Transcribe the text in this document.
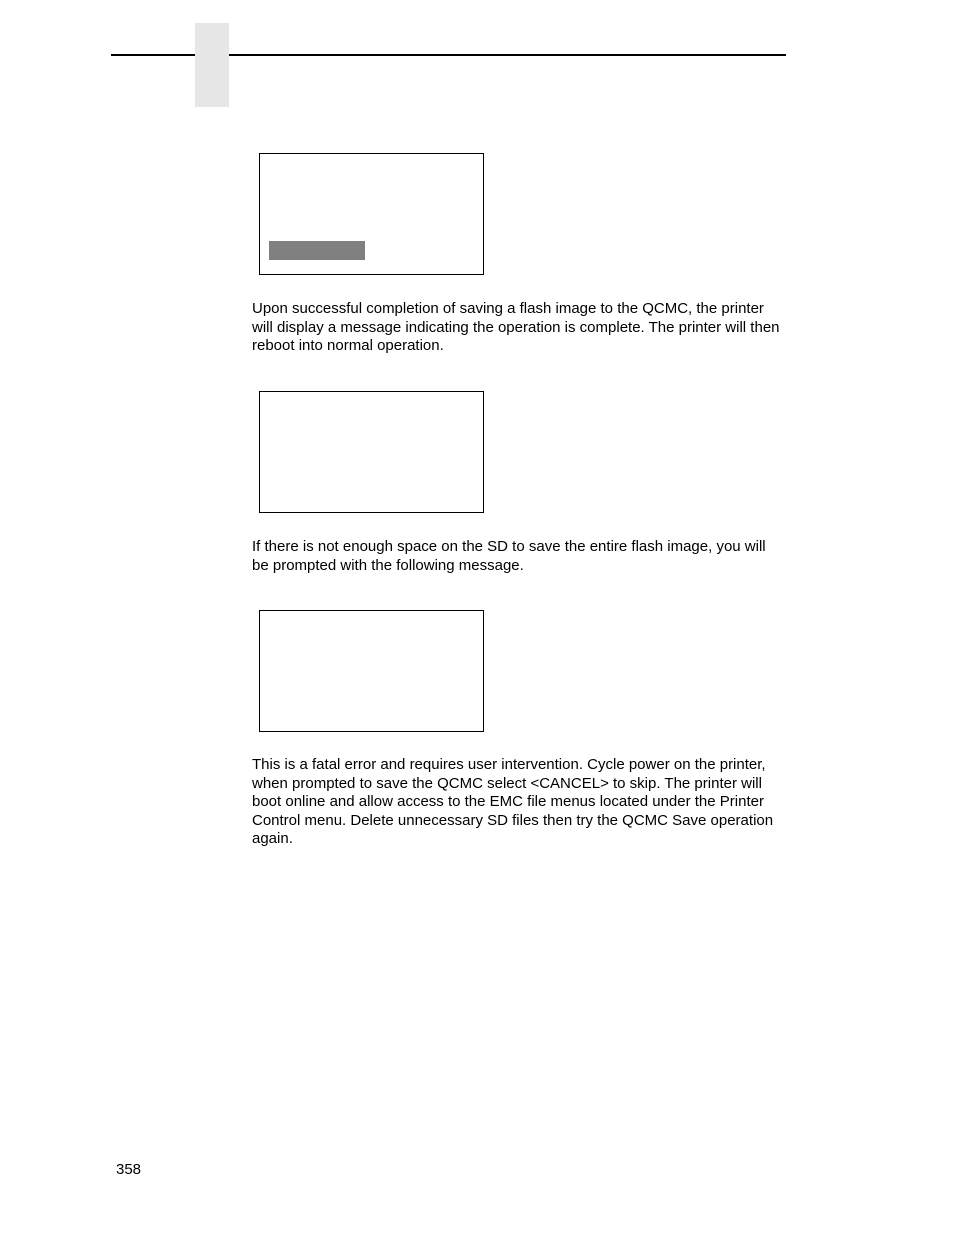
Upon successful completion of saving a flash image to the QCMC, the printer will display a message indicating the operation is complete. The printer will then reboot into normal operation.

If there is not enough space on the SD to save the entire flash image, you will be prompted with the following message.

This is a fatal error and requires user intervention. Cycle power on the printer, when prompted to save the QCMC select <CANCEL> to skip. The printer will boot online and allow access to the EMC file menus located under the Printer Control menu. Delete unnecessary SD files then try the QCMC Save operation again.

358
